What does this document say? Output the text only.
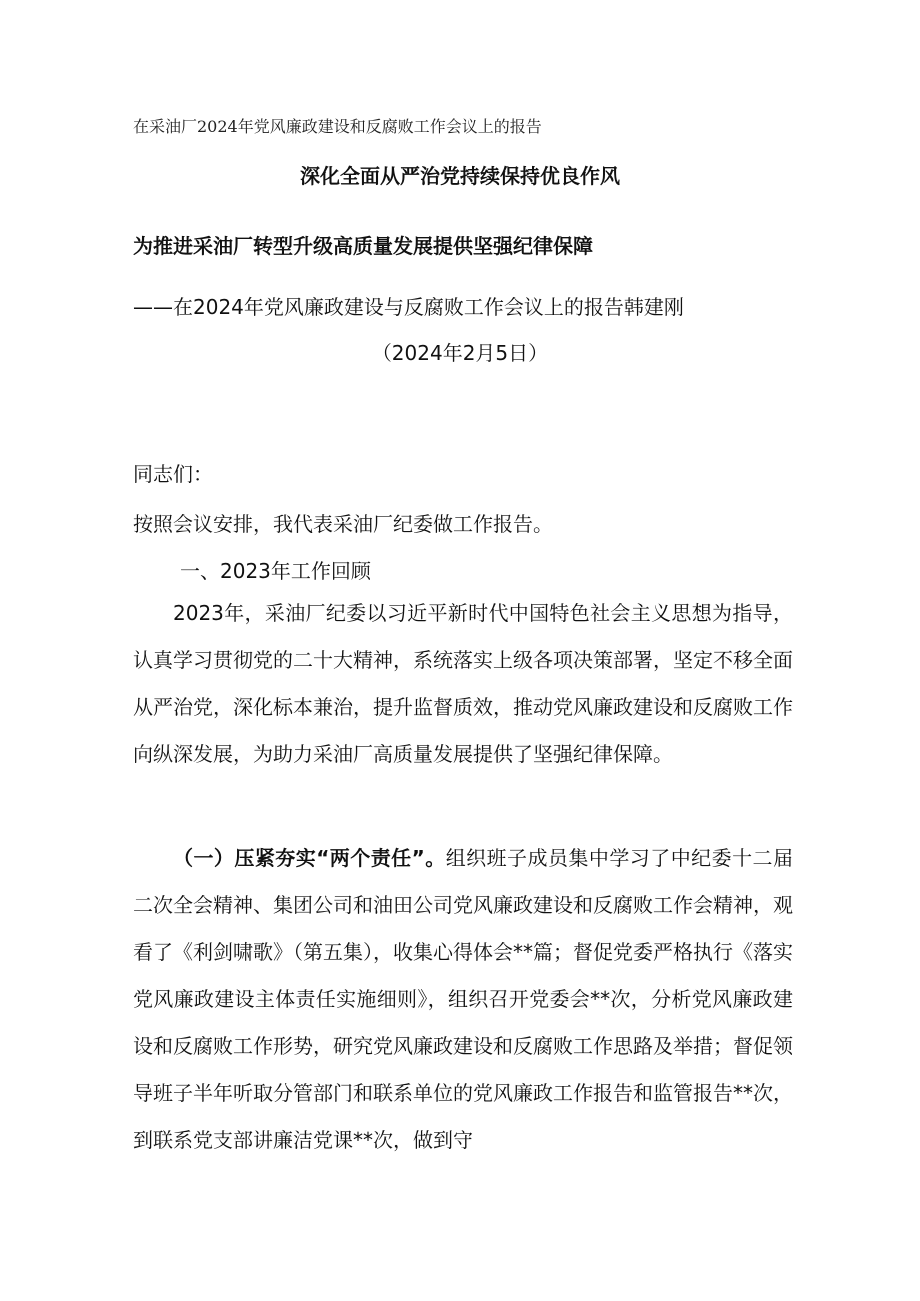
在采油厂2024年党风廉政建设和反腐败工作会议上的报告
深化全面从严治党持续保持优良作风
为推进采油厂转型升级高质量发展提供坚强纪律保障
——在2024年党风廉政建设与反腐败工作会议上的报告韩建刚
（2024年2月5日）
同志们：
按照会议安排，我代表采油厂纪委做工作报告。
一、2023年工作回顾
2023年，采油厂纪委以习近平新时代中国特色社会主义思想为指导，认真学习贯彻党的二十大精神，系统落实上级各项决策部署，坚定不移全面从严治党，深化标本兼治，提升监督质效，推动党风廉政建设和反腐败工作向纵深发展，为助力采油厂高质量发展提供了坚强纪律保障。
（一）压紧夯实“两个责任”。组织班子成员集中学习了中纪委十二届二次全会精神、集团公司和油田公司党风廉政建设和反腐败工作会精神，观看了《利剑啸歌》（第五集），收集心得体会**篇；督促党委严格执行《落实党风廉政建设主体责任实施细则》，组织召开党委会**次，分析党风廉政建设和反腐败工作形势，研究党风廉政建设和反腐败工作思路及举措；督促领导班子半年听取分管部门和联系单位的党风廉政工作报告和监管报告**次，到联系党支部讲廉洁党课**次，做到守
